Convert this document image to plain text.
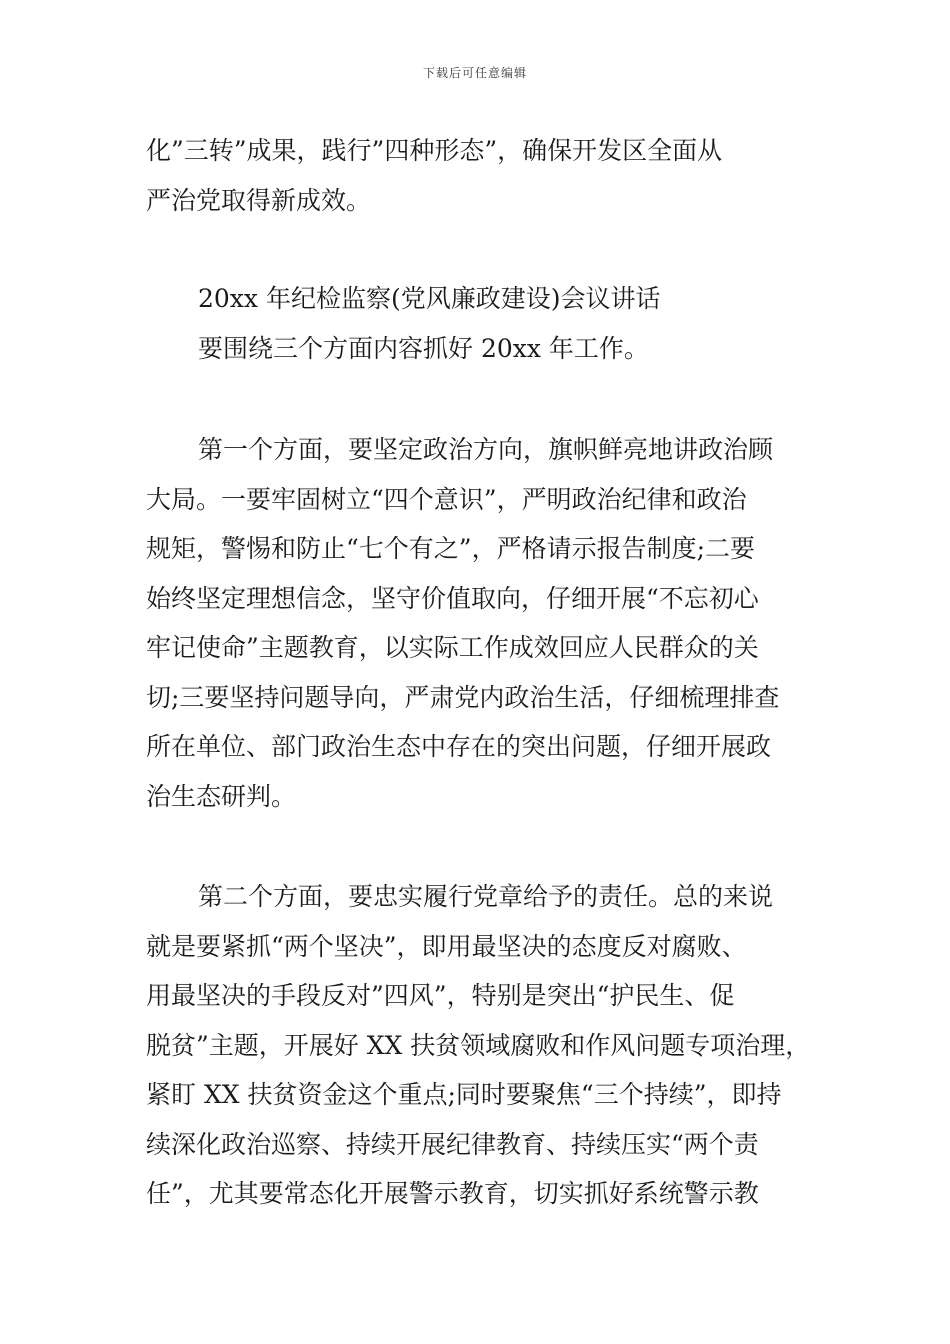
下载后可任意编辑
化”三转”成果，践行”四种形态”，确保开发区全面从
严治党取得新成效。
20xx 年纪检监察(党风廉政建设)会议讲话
要围绕三个方面内容抓好 20xx 年工作。
第一个方面，要坚定政治方向，旗帜鲜亮地讲政治顾
大局。一要牢固树立“四个意识”，严明政治纪律和政治
规矩，警惕和防止“七个有之”，严格请示报告制度;二要
始终坚定理想信念，坚守价值取向，仔细开展“不忘初心
牢记使命”主题教育，以实际工作成效回应人民群众的关
切;三要坚持问题导向，严肃党内政治生活，仔细梳理排查
所在单位、部门政治生态中存在的突出问题，仔细开展政
治生态研判。
第二个方面，要忠实履行党章给予的责任。总的来说
就是要紧抓“两个坚决”，即用最坚决的态度反对腐败、
用最坚决的手段反对”四风”，特别是突出“护民生、促
脱贫”主题，开展好 XX 扶贫领域腐败和作风问题专项治理，
紧盯 XX 扶贫资金这个重点;同时要聚焦“三个持续”，即持
续深化政治巡察、持续开展纪律教育、持续压实“两个责
任”，尤其要常态化开展警示教育，切实抓好系统警示教
